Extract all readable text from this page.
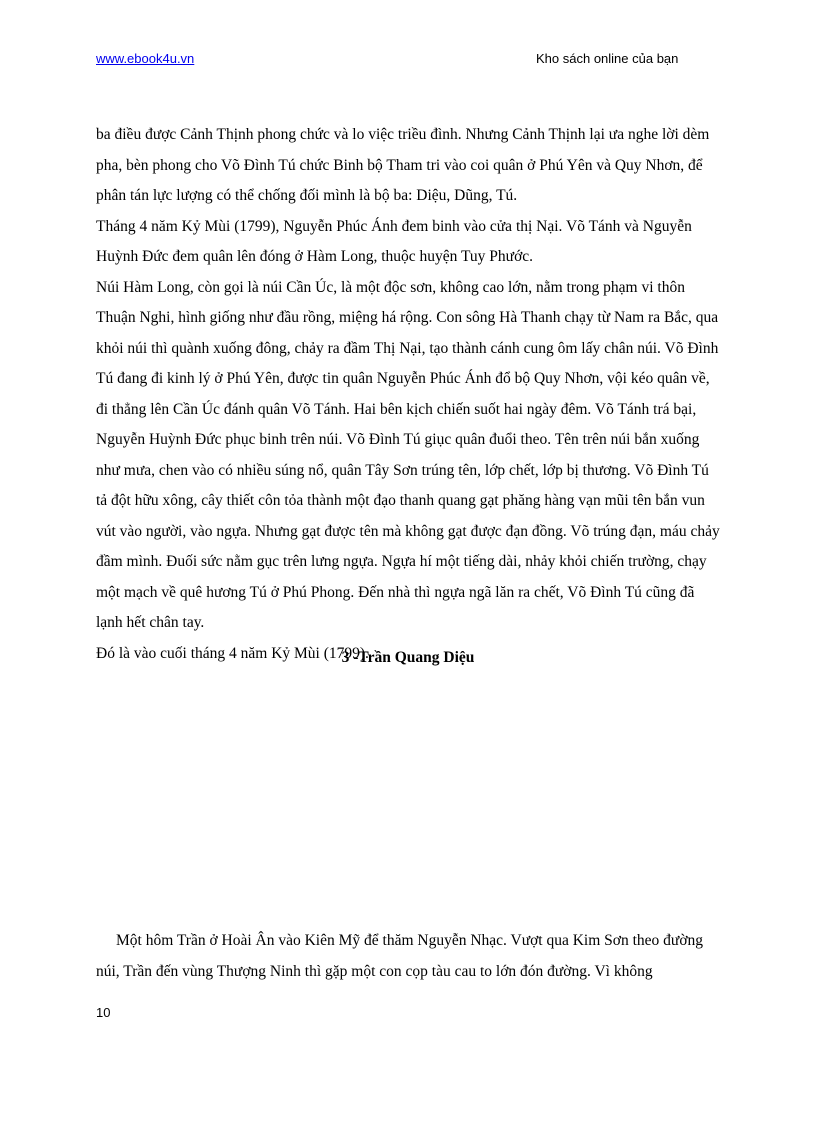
www.ebook4u.vn	Kho sách online của bạn

ba điều được Cảnh Thịnh phong chức và lo việc triều đình. Nhưng Cảnh Thịnh lại ưa nghe lời dèm pha, bèn phong cho Võ Đình Tú chức Binh bộ Tham tri vào coi quân ở Phú Yên và Quy Nhơn, để phân tán lực lượng có thể chống đối mình là bộ ba: Diệu, Dũng, Tú.

Tháng 4 năm Kỷ Mùi (1799), Nguyễn Phúc Ánh đem binh vào cửa thị Nại. Võ Tánh và Nguyễn Huỳnh Đức đem quân lên đóng ở Hàm Long, thuộc huyện Tuy Phước.

Núi Hàm Long, còn gọi là núi Cần Úc, là một độc sơn, không cao lớn, nằm trong phạm vi thôn Thuận Nghi, hình giống như đầu rồng, miệng há rộng. Con sông Hà Thanh chạy từ Nam ra Bắc, qua khỏi núi thì quành xuống đông, chảy ra đầm Thị Nại, tạo thành cánh cung ôm lấy chân núi. Võ Đình Tú đang đi kinh lý ở Phú Yên, được tin quân Nguyễn Phúc Ánh đổ bộ Quy Nhơn, vội kéo quân về, đi thẳng lên Cần Úc đánh quân Võ Tánh. Hai bên kịch chiến suốt hai ngày đêm. Võ Tánh trá bại, Nguyễn Huỳnh Đức phục binh trên núi. Võ Đình Tú giục quân đuổi theo. Tên trên núi bắn xuống như mưa, chen vào có nhiều súng nổ, quân Tây Sơn trúng tên, lớp chết, lớp bị thương. Võ Đình Tú tả đột hữu xông, cây thiết côn tỏa thành một đạo thanh quang gạt phăng hàng vạn mũi tên bắn vun vút vào người, vào ngựa. Nhưng gạt được tên mà không gạt được đạn đồng. Võ trúng đạn, máu chảy đầm mình. Đuối sức nằm gục trên lưng ngựa. Ngựa hí một tiếng dài, nhảy khỏi chiến trường, chạy một mạch về quê hương Tú ở Phú Phong. Đến nhà thì ngựa ngã lăn ra chết, Võ Đình Tú cũng đã lạnh hết chân tay.

Đó là vào cuối tháng 4 năm Kỷ Mùi (1799).

3 -Trần Quang Diệu

Một hôm Trần ở Hoài Ân vào Kiên Mỹ để thăm Nguyễn Nhạc. Vượt qua Kim Sơn theo đường núi, Trần đến vùng Thượng Ninh thì gặp một con cọp tàu cau to lớn đón đường. Vì không

10
